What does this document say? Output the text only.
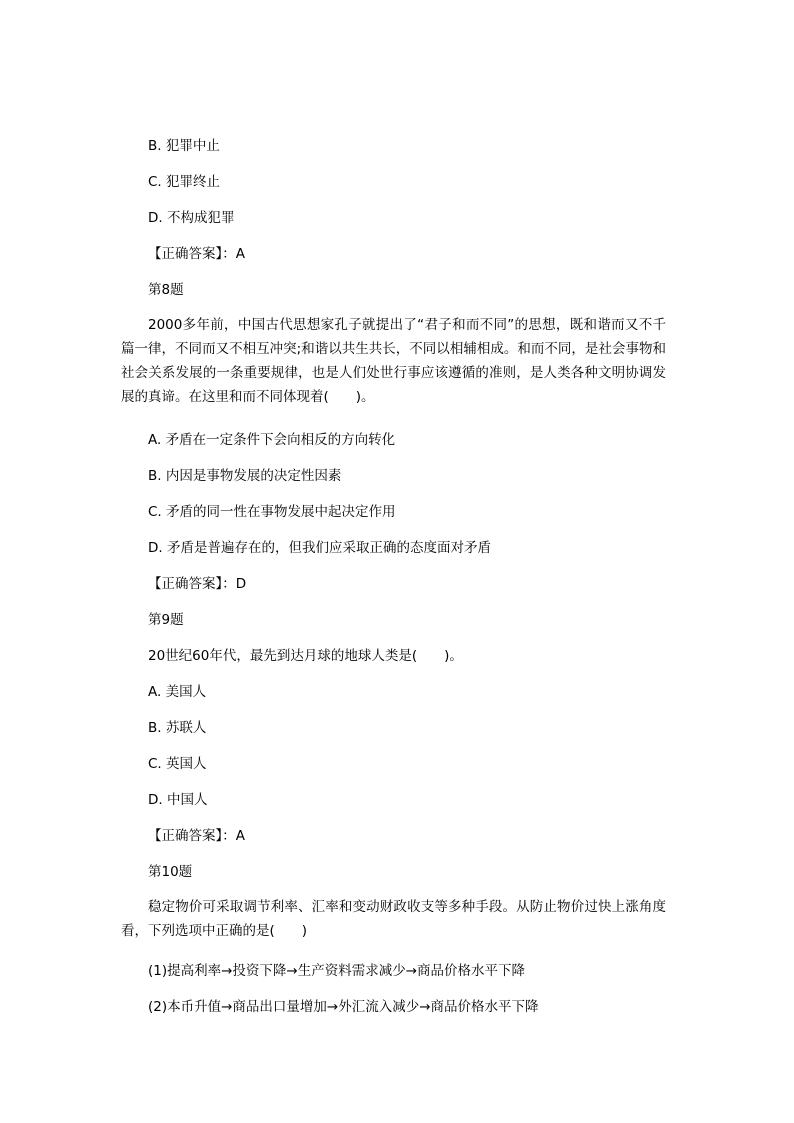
B. 犯罪中止
C. 犯罪终止
D. 不构成犯罪
【正确答案】：A
第8题
2000多年前，中国古代思想家孔子就提出了“君子和而不同”的思想，既和谐而又不千篇一律，不同而又不相互冲突;和谐以共生共长，不同以相辅相成。和而不同，是社会事物和社会关系发展的一条重要规律，也是人们处世行事应该遵循的准则，是人类各种文明协调发展的真谛。在这里和而不同体现着(　　)。
A. 矛盾在一定条件下会向相反的方向转化
B. 内因是事物发展的决定性因素
C. 矛盾的同一性在事物发展中起决定作用
D. 矛盾是普遍存在的，但我们应采取正确的态度面对矛盾
【正确答案】：D
第9题
20世纪60年代，最先到达月球的地球人类是(　　)。
A. 美国人
B. 苏联人
C. 英国人
D. 中国人
【正确答案】：A
第10题
稳定物价可采取调节利率、汇率和变动财政收支等多种手段。从防止物价过快上涨角度看，下列选项中正确的是(　　)
(1)提高利率→投资下降→生产资料需求减少→商品价格水平下降
(2)本币升值→商品出口量增加→外汇流入减少→商品价格水平下降
